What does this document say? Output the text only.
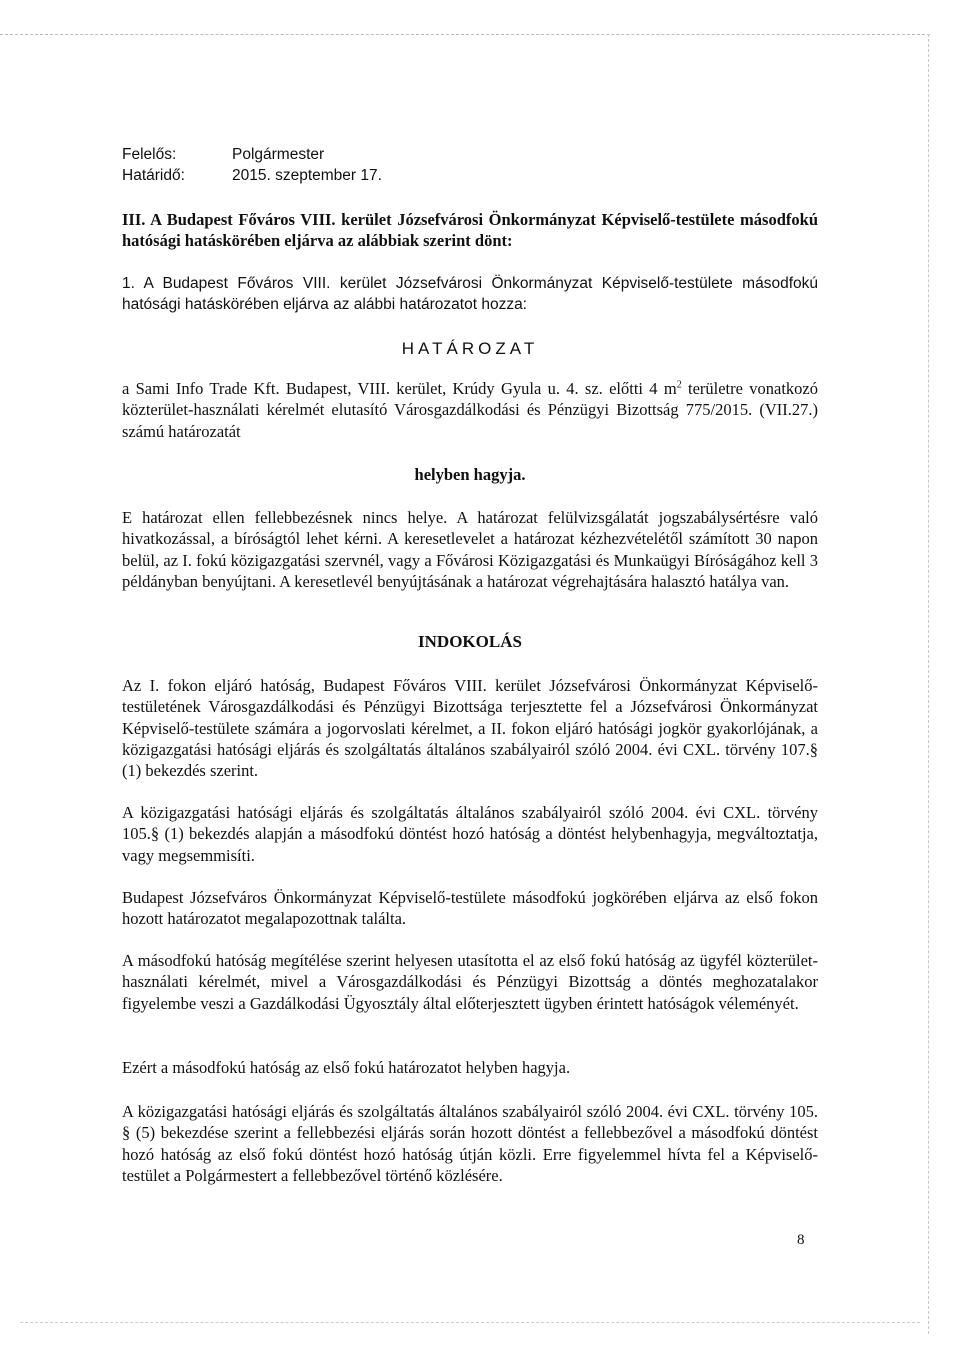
Felelős:	Polgármester
Határidő:	2015. szeptember 17.
III. A Budapest Főváros VIII. kerület Józsefvárosi Önkormányzat Képviselő-testülete másodfokú hatósági hatáskörében eljárva az alábbiak szerint dönt:
1. A Budapest Főváros VIII. kerület Józsefvárosi Önkormányzat Képviselő-testülete másodfokú hatósági hatáskörében eljárva az alábbi határozatot hozza:
HATÁROZAT
a Sami Info Trade Kft. Budapest, VIII. kerület, Krúdy Gyula u. 4. sz. előtti 4 $m^2$ területre vonatkozó közterület-használati kérelmét elutasító Városgazdálkodási és Pénzügyi Bizottság 775/2015. (VII.27.) számú határozatát
helyben hagyja.
E határozat ellen fellebbezésnek nincs helye. A határozat felülvizsgálatát jogszabálysértésre való hivatkozással, a bíróságtól lehet kérni. A keresetlevelet a határozat kézhezvételétől számított 30 napon belül, az I. fokú közigazgatási szervnél, vagy a Fővárosi Közigazgatási és Munkaügyi Bíróságához kell 3 példányban benyújtani. A keresetlevél benyújtásának a határozat végrehajtására halasztó hatálya van.
INDOKOLÁS
Az I. fokon eljáró hatóság, Budapest Főváros VIII. kerület Józsefvárosi Önkormányzat Képviselő-testületének Városgazdálkodási és Pénzügyi Bizottsága terjesztette fel a Józsefvárosi Önkormányzat Képviselő-testülete számára a jogorvoslati kérelmet, a II. fokon eljáró hatósági jogkör gyakorlójának, a közigazgatási hatósági eljárás és szolgáltatás általános szabályairól szóló 2004. évi CXL. törvény 107.§ (1) bekezdés szerint.
A közigazgatási hatósági eljárás és szolgáltatás általános szabályairól szóló 2004. évi CXL. törvény 105.§ (1) bekezdés alapján a másodfokú döntést hozó hatóság a döntést helybenhagyja, megváltoztatja, vagy megsemmisíti.
Budapest Józsefváros Önkormányzat Képviselő-testülete másodfokú jogkörében eljárva az első fokon hozott határozatot megalapozottnak találta.
A másodfokú hatóság megítélése szerint helyesen utasította el az első fokú hatóság az ügyfél közterület-használati kérelmét, mivel a Városgazdálkodási és Pénzügyi Bizottság a döntés meghozatalakor figyelembe veszi a Gazdálkodási Ügyosztály által előterjesztett ügyben érintett hatóságok véleményét.
Ezért a másodfokú hatóság az első fokú határozatot helyben hagyja.
A közigazgatási hatósági eljárás és szolgáltatás általános szabályairól szóló 2004. évi CXL. törvény 105. § (5) bekezdése szerint a fellebbezési eljárás során hozott döntést a fellebbezővel a másodfokú döntést hozó hatóság az első fokú döntést hozó hatóság útján közli. Erre figyelemmel hívta fel a Képviselő-testület a Polgármestert a fellebbezővel történő közlésére.
8
